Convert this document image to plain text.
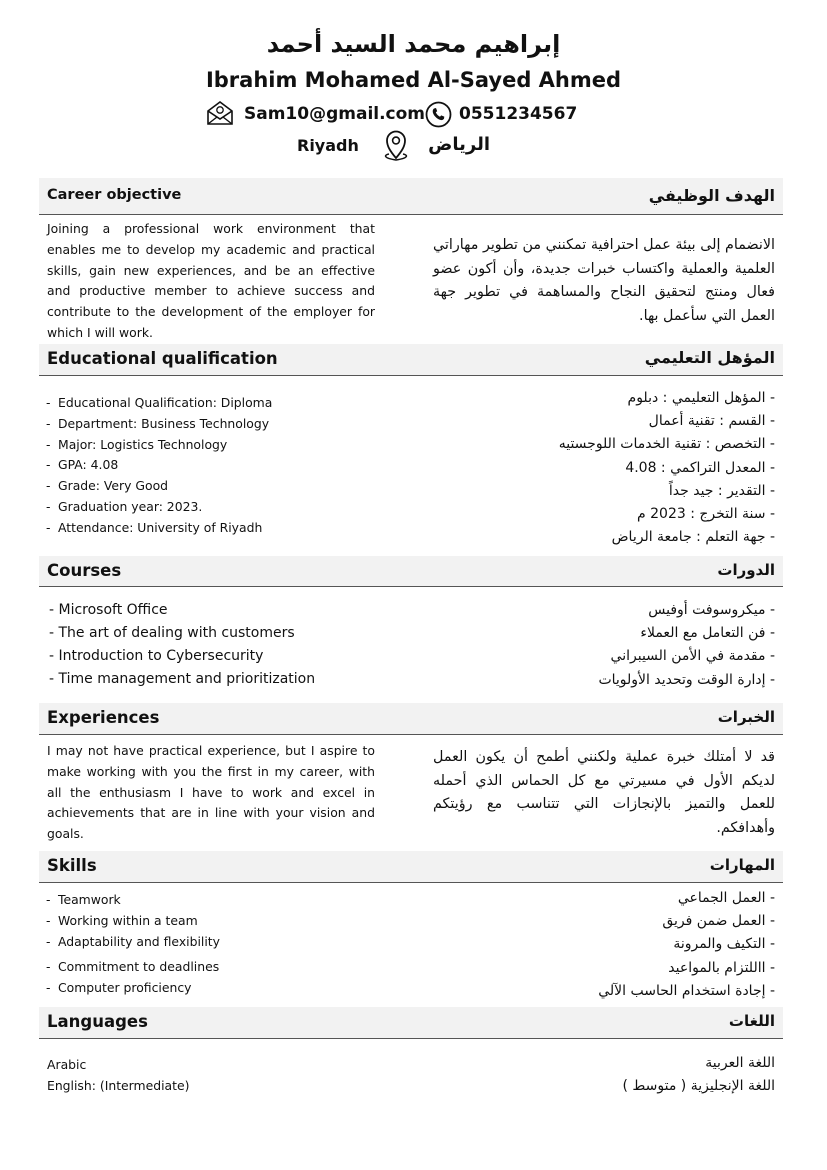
إبراهيم محمد السيد أحمد
Ibrahim Mohamed Al-Sayed Ahmed
Sam10@gmail.com 0551234567
Riyadh	الرياض
Career objective	الهدف الوظيفي
Joining a professional work environment that enables me to develop my academic and practical skills, gain new experiences, and be an effective and productive member to achieve success and contribute to the development of the employer for which I will work.
الانضمام إلى بيئة عمل احترافية تمكنني من تطوير مهاراتي العلمية والعملية واكتساب خبرات جديدة، وأن أكون عضو فعال ومنتج لتحقيق النجاح والمساهمة في تطوير جهة العمل التي سأعمل بها.
Educational qualification	المؤهل التعليمي
- Educational Qualification: Diploma
- Department: Business Technology
- Major: Logistics Technology
- GPA: 4.08
- Grade: Very Good
- Graduation year: 2023.
- Attendance: University of Riyadh
- المؤهل التعليمي : دبلوم
- القسم : تقنية أعمال
- التخصص : تقنية الخدمات اللوجستيه
- المعدل التراكمي : 4.08
- التقدير : جيد جداً
- سنة التخرج : 2023 م
- جهة التعلم : جامعة الرياض
Courses	الدورات
- Microsoft Office
- The art of dealing with customers
- Introduction to Cybersecurity
- Time management and prioritization
- ميكروسوفت أوفيس
- فن التعامل مع العملاء
- مقدمة في الأمن السيبراني
- إدارة الوقت وتحديد الأولويات
Experiences	الخبرات
I may not have practical experience, but I aspire to make working with you the first in my career, with all the enthusiasm I have to work and excel in achievements that are in line with your vision and goals.
قد لا أمتلك خبرة عملية ولكنني أطمح أن يكون العمل لديكم الأول في مسيرتي مع كل الحماس الذي أحمله للعمل والتميز بالإنجازات التي تتناسب مع رؤيتكم وأهدافكم.
Skills	المهارات
- Teamwork
- Working within a team
- Adaptability and flexibility
- Commitment to deadlines
- Computer proficiency
- العمل الجماعي
- العمل ضمن فريق
- التكيف والمرونة
- االلتزام بالمواعيد
- إجادة استخدام الحاسب الآلي
Languages	اللغات
Arabic
English: (Intermediate)
اللغة العربية
اللغة الإنجليزية ( متوسط )
